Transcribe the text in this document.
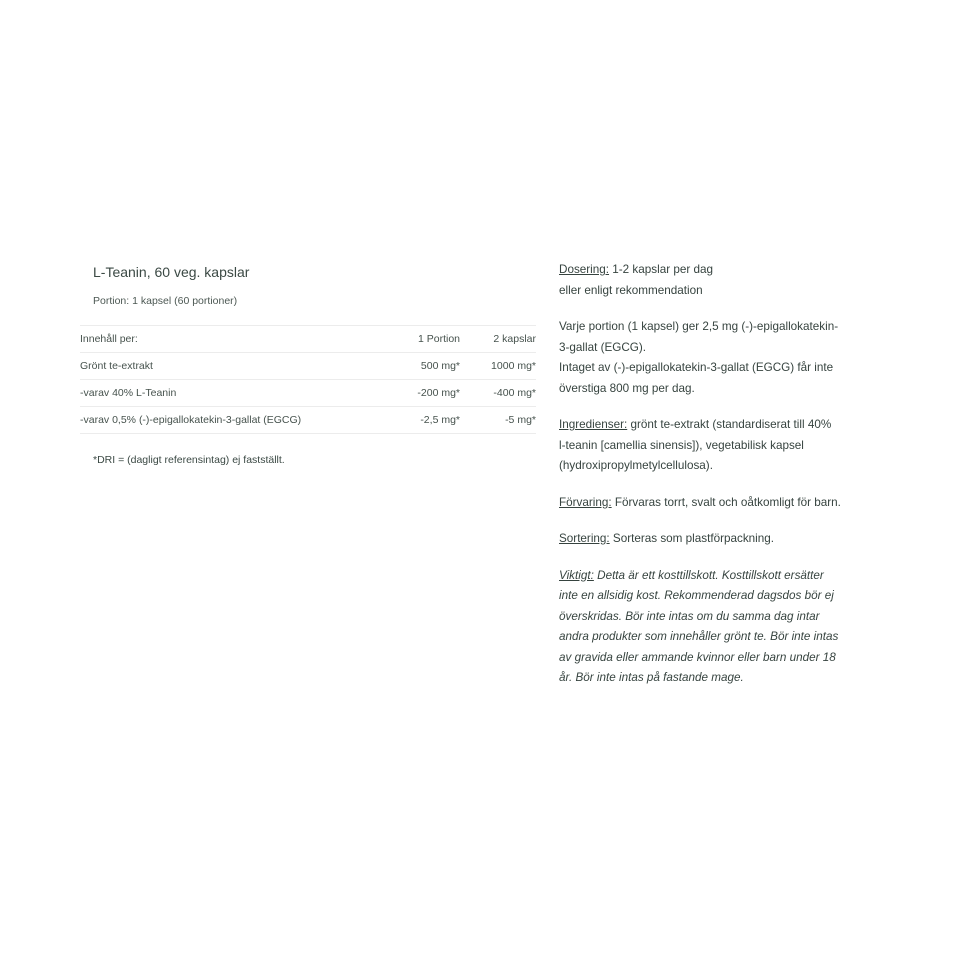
L-Teanin, 60 veg. kapslar
Portion: 1 kapsel (60 portioner)
Innehåll per:	1 Portion	2 kapslar
Grönt te-extrakt	500 mg*	1000 mg*
-varav 40% L-Teanin	-200 mg*	-400 mg*
-varav 0,5% (-)-epigallokatekin-3-gallat (EGCG)	-2,5 mg*	-5 mg*
*DRI = (dagligt referensintag) ej fastställt.

Dosering: 1-2 kapslar per dag
eller enligt rekommendation

Varje portion (1 kapsel) ger 2,5 mg (-)-epigallokatekin-
3-gallat (EGCG).
Intaget av (-)-epigallokatekin-3-gallat (EGCG) får inte
överstiga 800 mg per dag.

Ingredienser: grönt te-extrakt (standardiserat till 40%
l-teanin [camellia sinensis]), vegetabilisk kapsel
(hydroxipropylmetylcellulosa).

Förvaring: Förvaras torrt, svalt och oåtkomligt för barn.

Sortering: Sorteras som plastförpackning.

Viktigt: Detta är ett kosttillskott. Kosttillskott ersätter
inte en allsidig kost. Rekommenderad dagsdos bör ej
överskridas. Bör inte intas om du samma dag intar
andra produkter som innehåller grönt te. Bör inte intas
av gravida eller ammande kvinnor eller barn under 18
år. Bör inte intas på fastande mage.
